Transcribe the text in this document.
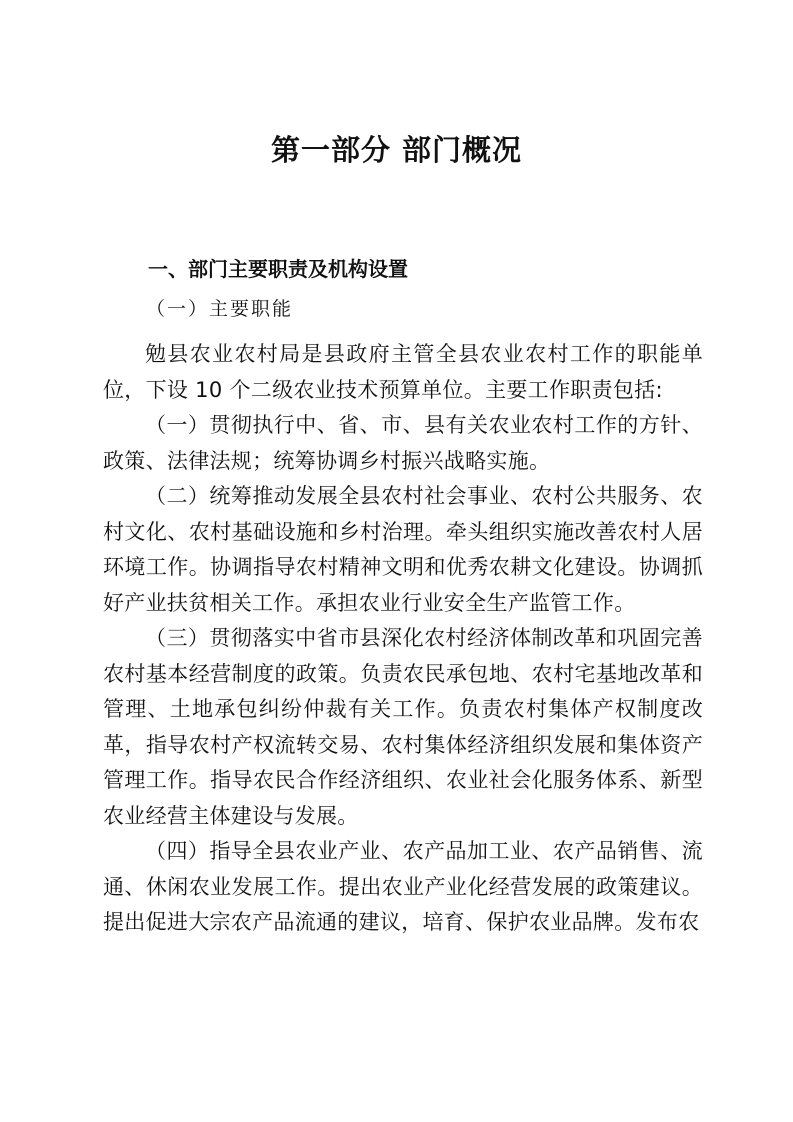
第一部分 部门概况
一、部门主要职责及机构设置
（一）主要职能

勉县农业农村局是县政府主管全县农业农村工作的职能单位，下设 10 个二级农业技术预算单位。主要工作职责包括:

（一）贯彻执行中、省、市、县有关农业农村工作的方针、政策、法律法规；统筹协调乡村振兴战略实施。

（二）统筹推动发展全县农村社会事业、农村公共服务、农村文化、农村基础设施和乡村治理。牵头组织实施改善农村人居环境工作。协调指导农村精神文明和优秀农耕文化建设。协调抓好产业扶贫相关工作。承担农业行业安全生产监管工作。

（三）贯彻落实中省市县深化农村经济体制改革和巩固完善农村基本经营制度的政策。负责农民承包地、农村宅基地改革和管理、土地承包纠纷仲裁有关工作。负责农村集体产权制度改革，指导农村产权流转交易、农村集体经济组织发展和集体资产管理工作。指导农民合作经济组织、农业社会化服务体系、新型农业经营主体建设与发展。

（四）指导全县农业产业、农产品加工业、农产品销售、流通、休闲农业发展工作。提出农业产业化经营发展的政策建议。提出促进大宗农产品流通的建议，培育、保护农业品牌。发布农
